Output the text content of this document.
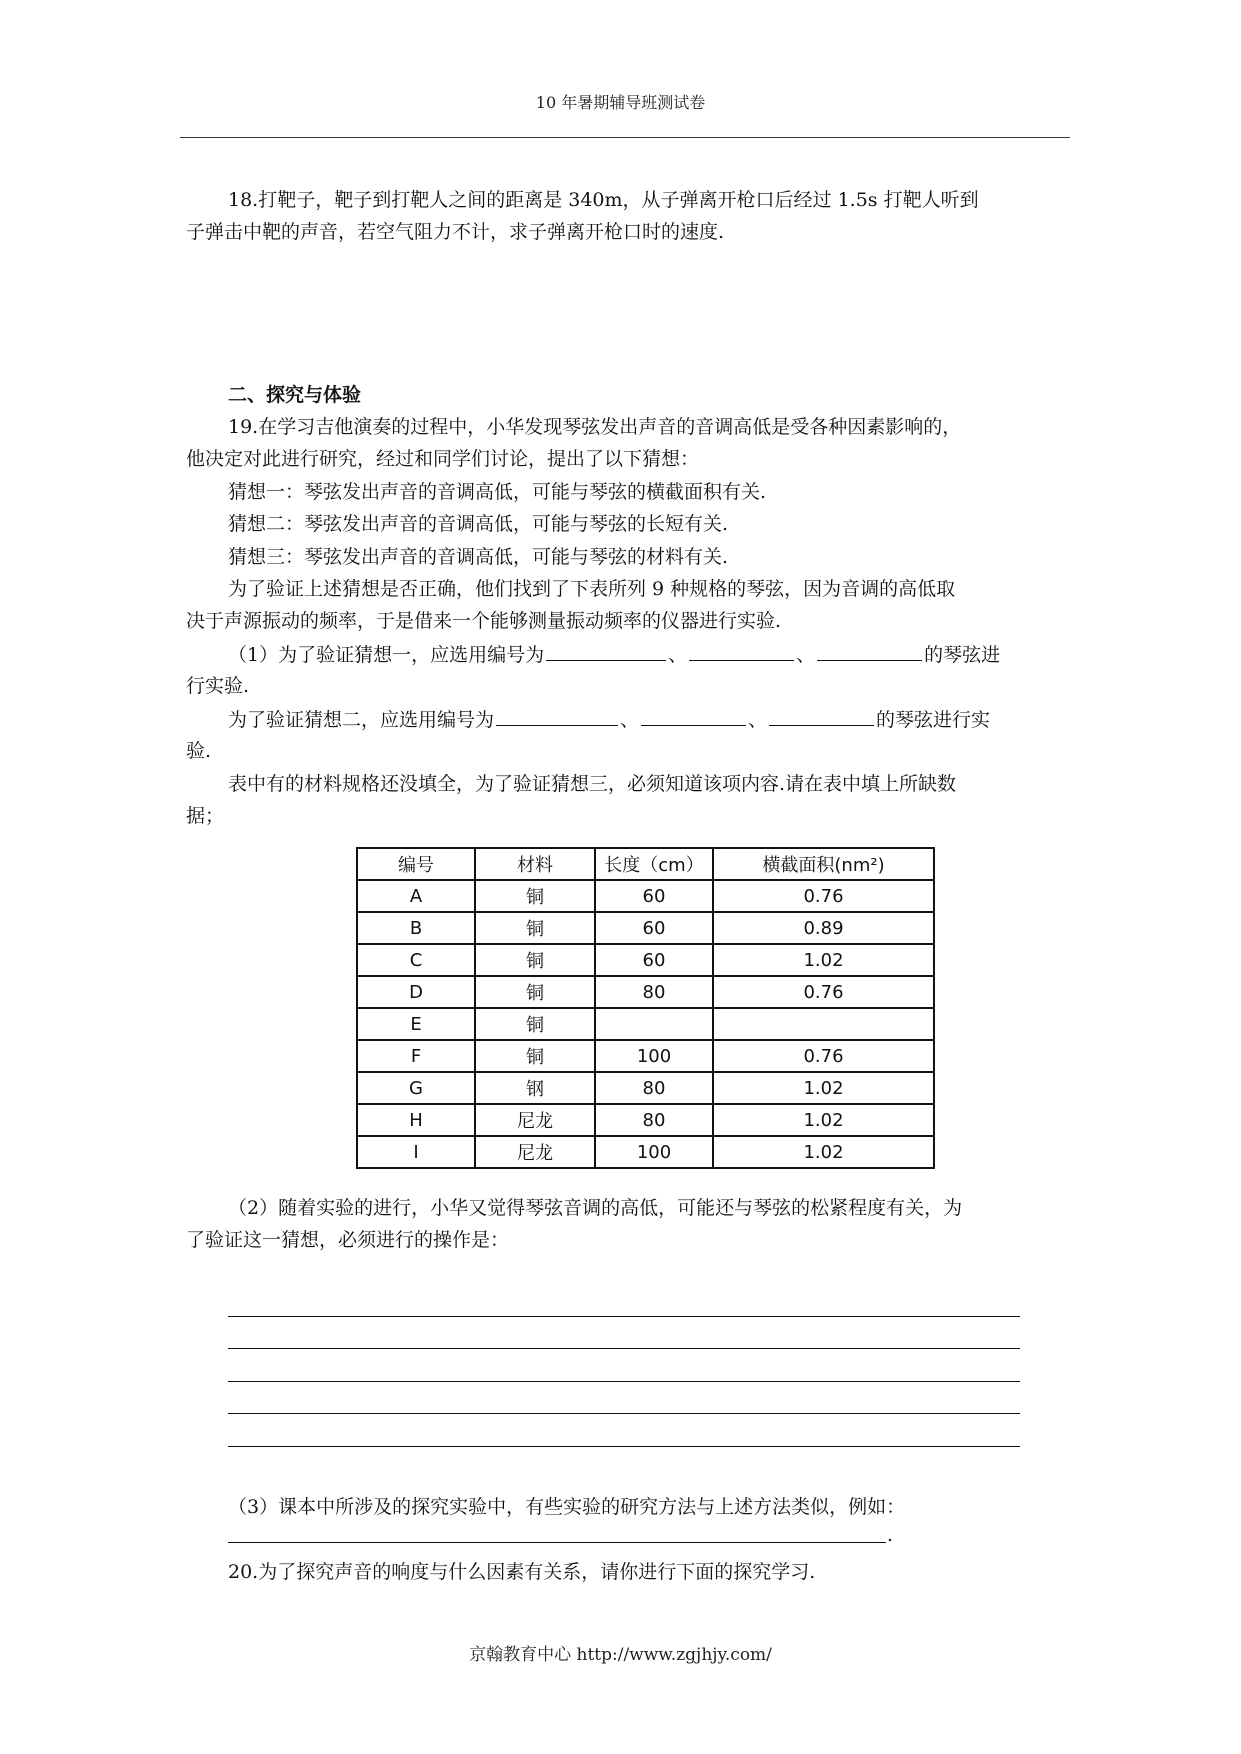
10 年暑期辅导班测试卷
18.打靶子，靶子到打靶人之间的距离是 340m，从子弹离开枪口后经过 1.5s 打靶人听到
子弹击中靶的声音，若空气阻力不计，求子弹离开枪口时的速度.
二、探究与体验
19.在学习吉他演奏的过程中，小华发现琴弦发出声音的音调高低是受各种因素影响的，
他决定对此进行研究，经过和同学们讨论，提出了以下猜想：
猜想一：琴弦发出声音的音调高低，可能与琴弦的横截面积有关.
猜想二：琴弦发出声音的音调高低，可能与琴弦的长短有关.
猜想三：琴弦发出声音的音调高低，可能与琴弦的材料有关.
为了验证上述猜想是否正确，他们找到了下表所列 9 种规格的琴弦，因为音调的高低取
决于声源振动的频率，于是借来一个能够测量振动频率的仪器进行实验.
（1）为了验证猜想一，应选用编号为	、	、	的琴弦进
行实验.
为了验证猜想二，应选用编号为	、	、	的琴弦进行实
验.
表中有的材料规格还没填全，为了验证猜想三，必须知道该项内容.请在表中填上所缺数
据；
编号	材料	长度（cm）	横截面积(nm²)
A	铜	60	0.76
B	铜	60	0.89
C	铜	60	1.02
D	铜	80	0.76
E	铜		
F	铜	100	0.76
G	钢	80	1.02
H	尼龙	80	1.02
I	尼龙	100	1.02
（2）随着实验的进行，小华又觉得琴弦音调的高低，可能还与琴弦的松紧程度有关，为
了验证这一猜想，必须进行的操作是：
（3）课本中所涉及的探究实验中，有些实验的研究方法与上述方法类似，例如：
.
20.为了探究声音的响度与什么因素有关系，请你进行下面的探究学习.
京翰教育中心 http://www.zgjhjy.com/
